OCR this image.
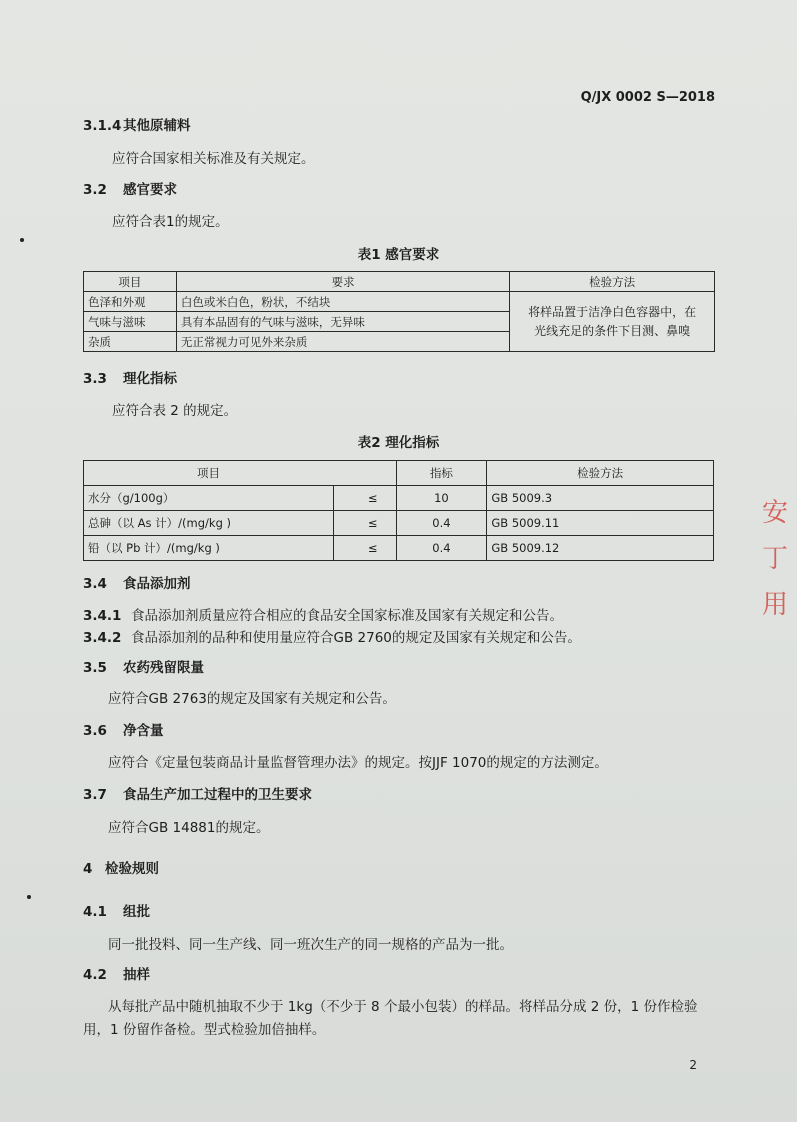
Q/JX 0002 S—2018
3.1.4 其他原辅料
应符合国家相关标准及有关规定。
3.2 感官要求
应符合表1的规定。
表1 感官要求
项目	要求	检验方法
色泽和外观	白色或米白色，粉状，不结块	将样品置于洁净白色容器中，在
光线充足的条件下目测、鼻嗅

气味与滋味	具有本品固有的气味与滋味，无异味	
杂质	无正常视力可见外来杂质	
3.3 理化指标
应符合表 2 的规定。
表2 理化指标
项目		指标	检验方法
水分（g/100g）	≤	10	GB 5009.3
总砷（以 As 计）/(mg/kg )	≤	0.4	GB 5009.11
铅（以 Pb 计）/(mg/kg )	≤	0.4	GB 5009.12
3.4 食品添加剂
3.4.1 食品添加剂质量应符合相应的食品安全国家标准及国家有关规定和公告。
3.4.2 食品添加剂的品种和使用量应符合GB 2760的规定及国家有关规定和公告。
3.5 农药残留限量
应符合GB 2763的规定及国家有关规定和公告。
3.6 净含量
应符合《定量包装商品计量监督管理办法》的规定。按JJF 1070的规定的方法测定。
3.7 食品生产加工过程中的卫生要求
应符合GB 14881的规定。
4 检验规则
4.1 组批
同一批投料、同一生产线、同一班次生产的同一规格的产品为一批。
4.2 抽样
从每批产品中随机抽取不少于 1kg（不少于 8 个最小包装）的样品。将样品分成 2 份，1 份作检验
用，1 份留作备检。型式检验加倍抽样。
2
安
丁
用
